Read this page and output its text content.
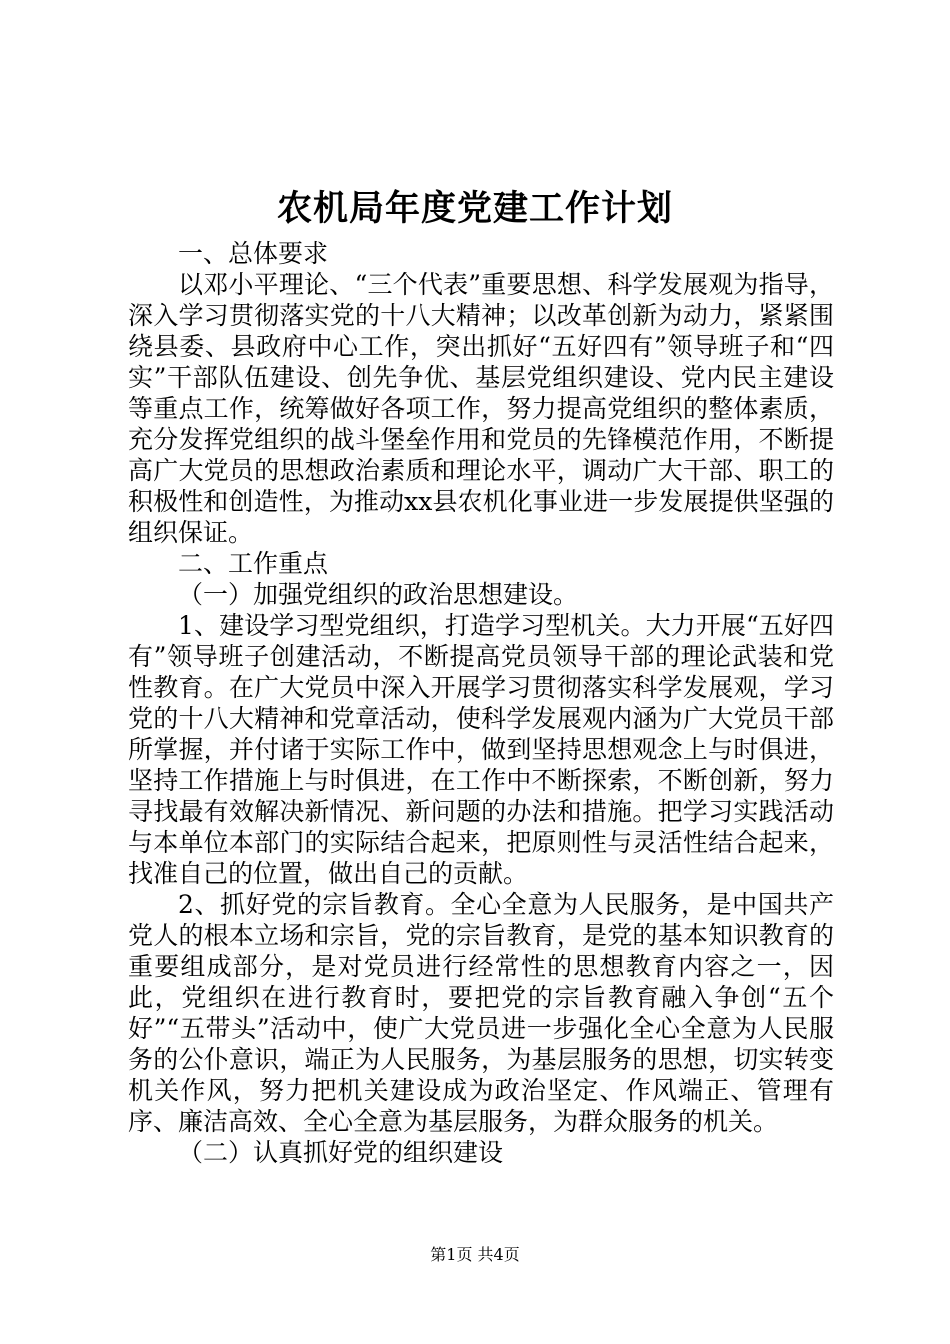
农机局年度党建工作计划

一、总体要求

以邓小平理论、“三个代表”重要思想、科学发展观为指导，深入学习贯彻落实党的十八大精神；以改革创新为动力，紧紧围绕县委、县政府中心工作，突出抓好“五好四有”领导班子和“四实”干部队伍建设、创先争优、基层党组织建设、党内民主建设等重点工作，统筹做好各项工作，努力提高党组织的整体素质，充分发挥党组织的战斗堡垒作用和党员的先锋模范作用，不断提高广大党员的思想政治素质和理论水平，调动广大干部、职工的积极性和创造性，为推动xx县农机化事业进一步发展提供坚强的组织保证。

二、工作重点

（一）加强党组织的政治思想建设。

1、建设学习型党组织，打造学习型机关。大力开展“五好四有”领导班子创建活动，不断提高党员领导干部的理论武装和党性教育。在广大党员中深入开展学习贯彻落实科学发展观，学习党的十八大精神和党章活动，使科学发展观内涵为广大党员干部所掌握，并付诸于实际工作中，做到坚持思想观念上与时俱进，坚持工作措施上与时俱进，在工作中不断探索，不断创新，努力寻找最有效解决新情况、新问题的办法和措施。把学习实践活动与本单位本部门的实际结合起来，把原则性与灵活性结合起来，找准自己的位置，做出自己的贡献。

2、抓好党的宗旨教育。全心全意为人民服务，是中国共产党人的根本立场和宗旨，党的宗旨教育，是党的基本知识教育的重要组成部分，是对党员进行经常性的思想教育内容之一，因此，党组织在进行教育时，要把党的宗旨教育融入争创“五个好”“五带头”活动中，使广大党员进一步强化全心全意为人民服务的公仆意识，端正为人民服务，为基层服务的思想，切实转变机关作风，努力把机关建设成为政治坚定、作风端正、管理有序、廉洁高效、全心全意为基层服务，为群众服务的机关。

（二）认真抓好党的组织建设

第1页 共4页
